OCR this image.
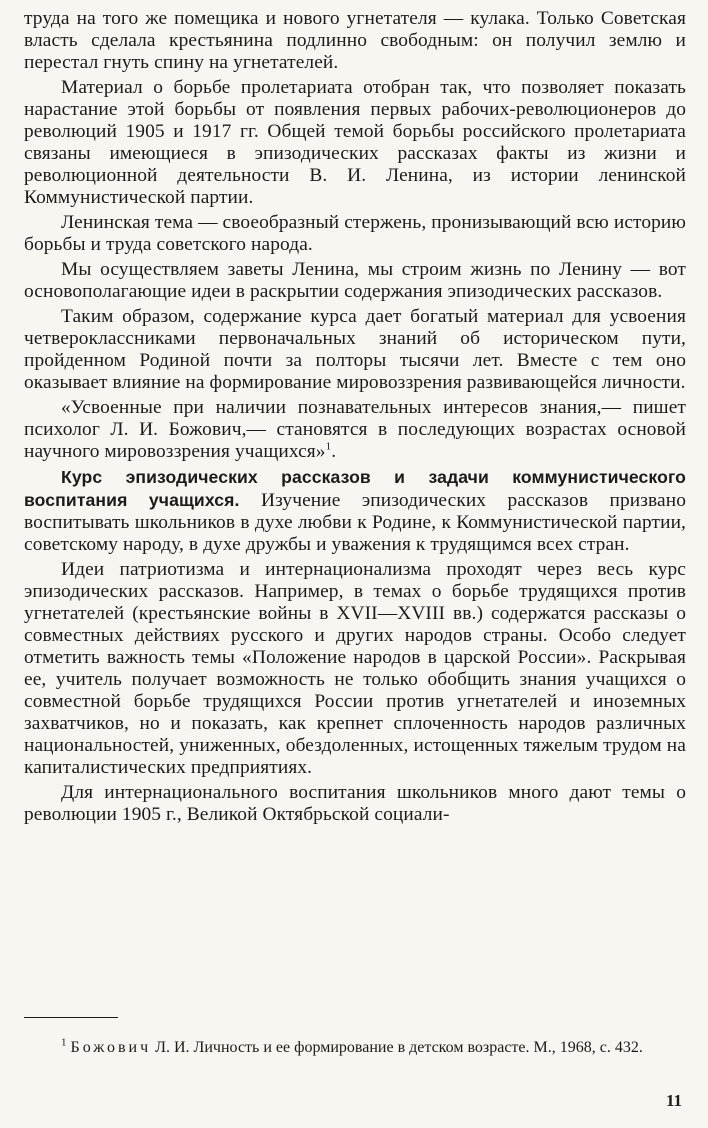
труда на того же помещика и нового угнетателя — кулака. Только Советская власть сделала крестьянина подлинно свободным: он получил землю и перестал гнуть спину на угнетателей.

Материал о борьбе пролетариата отобран так, что позволяет показать нарастание этой борьбы от появления первых рабочих-революционеров до революций 1905 и 1917 гг. Общей темой борьбы российского пролетариата связаны имеющиеся в эпизодических рассказах факты из жизни и революционной деятельности В. И. Ленина, из истории ленинской Коммунистической партии.

Ленинская тема — своеобразный стержень, пронизывающий всю историю борьбы и труда советского народа.

Мы осуществляем заветы Ленина, мы строим жизнь по Ленину — вот основополагающие идеи в раскрытии содержания эпизодических рассказов.

Таким образом, содержание курса дает богатый материал для усвоения четвероклассниками первоначальных знаний об историческом пути, пройденном Родиной почти за полторы тысячи лет. Вместе с тем оно оказывает влияние на формирование мировоззрения развивающейся личности.

«Усвоенные при наличии познавательных интересов знания,— пишет психолог Л. И. Божович,— становятся в последующих возрастах основой научного мировоззрения учащихся»$^1$.

Курс эпизодических рассказов и задачи коммунистического воспитания учащихся. Изучение эпизодических рассказов призвано воспитывать школьников в духе любви к Родине, к Коммунистической партии, советскому народу, в духе дружбы и уважения к трудящимся всех стран.

Идеи патриотизма и интернационализма проходят через весь курс эпизодических рассказов. Например, в темах о борьбе трудящихся против угнетателей (крестьянские войны в XVII—XVIII вв.) содержатся рассказы о совместных действиях русского и других народов страны. Особо следует отметить важность темы «Положение народов в царской России». Раскрывая ее, учитель получает возможность не только обобщить знания учащихся о совместной борьбе трудящихся России против угнетателей и иноземных захватчиков, но и показать, как крепнет сплоченность народов различных национальностей, униженных, обездоленных, истощенных тяжелым трудом на капиталистических предприятиях.

Для интернационального воспитания школьников много дают темы о революции 1905 г., Великой Октябрьской социали-

$^1$ Божович Л. И. Личность и ее формирование в детском возрасте. М., 1968, с. 432.

11
